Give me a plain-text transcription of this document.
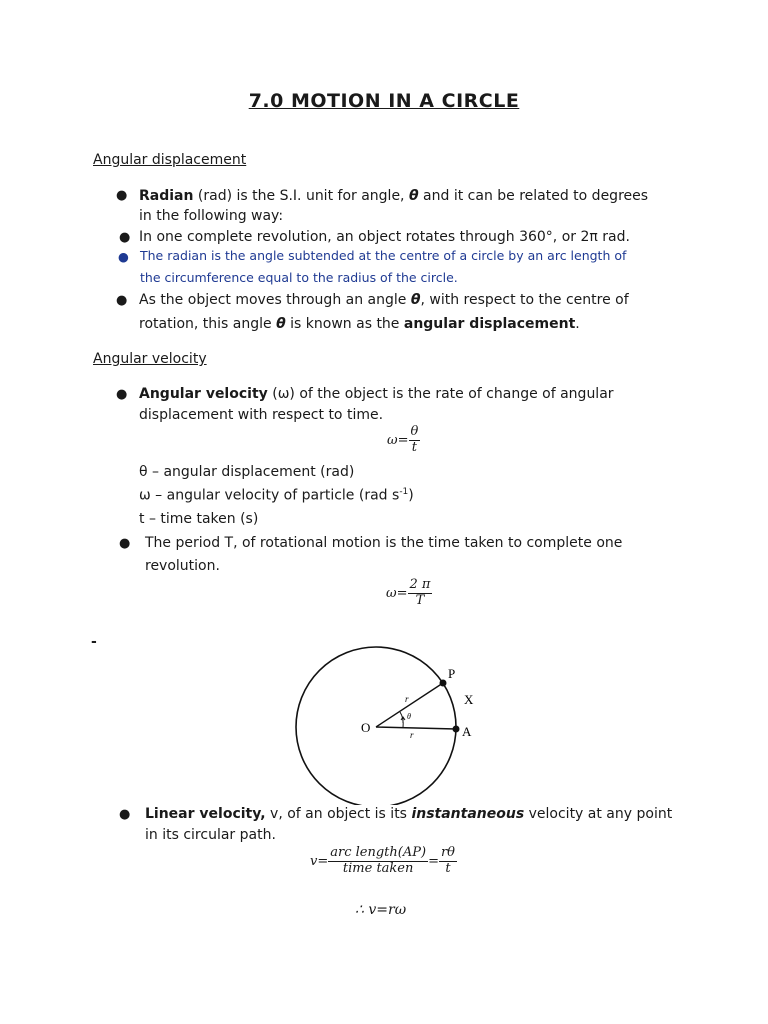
7.0 MOTION IN A CIRCLE
Angular displacement
● Radian (rad) is the S.I. unit for angle, θ and it can be related to degrees
in the following way:
● In one complete revolution, an object rotates through 360°, or 2π rad.
● The radian is the angle subtended at the centre of a circle by an arc length of
the circumference equal to the radius of the circle.
● As the object moves through an angle θ, with respect to the centre of
rotation, this angle θ is known as the angular displacement.
Angular velocity
● Angular velocity (ω) of the object is the rate of change of angular
displacement with respect to time.
$\omega= \frac{\theta}{t}$
θ – angular displacement (rad)
ω – angular velocity of particle (rad $s^{-1}$)
t – time taken (s)
● The period T, of rotational motion is the time taken to complete one
revolution.
$\omega= \frac{2 \pi}{T}$
-
P
X
O	A
r
r
θ
● Linear velocity, v, of an object is its instantaneous velocity at any point
in its circular path.
$v= \frac{\text{arc length(AP)}}{\text{time taken}} = \frac{r\theta}{t}$
∴ v=rω
